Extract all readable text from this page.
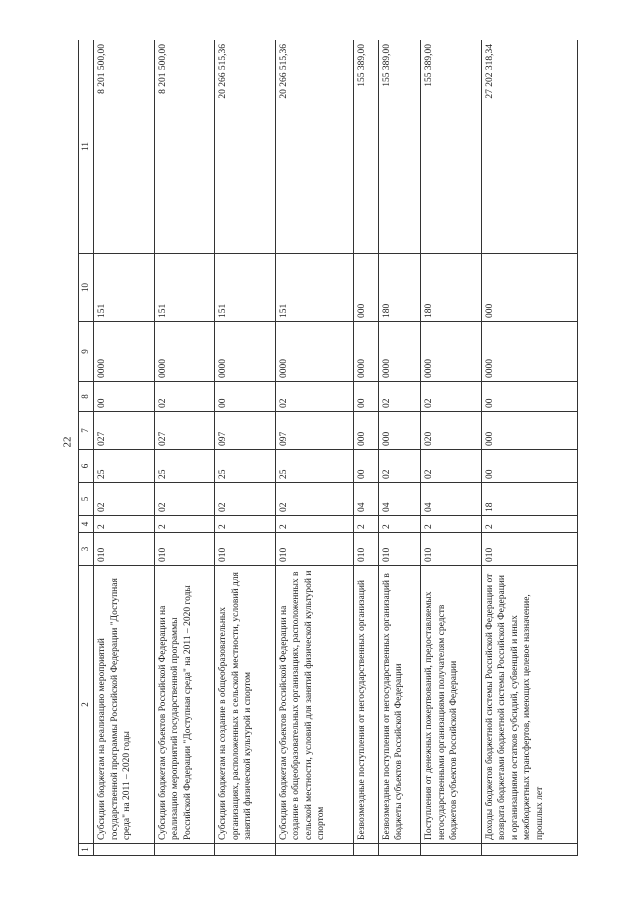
22
1	2	3	4	5	6	7	8	9	10	11
	Субсидии бюджетам на реализацию мероприятий государственной программы Российской Федерации "Доступная среда" на 2011 – 2020 годы	010	2	02	25	027	00	0000	151	8 201 500,00
	Субсидии бюджетам субъектов Российской Федерации на реализацию мероприятий государственной программы Российской Федерации "Доступная среда" на 2011 – 2020 годы	010	2	02	25	027	02	0000	151	8 201 500,00
	Субсидии бюджетам на создание в общеобразовательных организациях, расположенных в сельской местности, условий для занятий физической культурой и спортом	010	2	02	25	097	00	0000	151	20 266 515,36
	Субсидии бюджетам субъектов Российской Федерации на создание в общеобразовательных организациях, расположенных в сельской местности, условий для занятий физической культурой и спортом	010	2	02	25	097	02	0000	151	20 266 515,36
	Безвозмездные поступления от негосударственных организаций	010	2	04	00	000	00	0000	000	155 389,00
	Безвозмездные поступления от негосударственных организаций в бюджеты субъектов Российской Федерации	010	2	04	02	000	02	0000	180	155 389,00
	Поступления от денежных пожертвований, предоставляемых негосударственными организациями получателям средств бюджетов субъектов Российской Федерации	010	2	04	02	020	02	0000	180	155 389,00
	Доходы бюджетов бюджетной системы Российской Федерации от возврата бюджетами бюджетной системы Российской Федерации и организациями остатков субсидий, субвенций и иных межбюджетных трансфертов, имеющих целевое назначение, прошлых лет	010	2	18	00	000	00	0000	000	27 202 318,34
